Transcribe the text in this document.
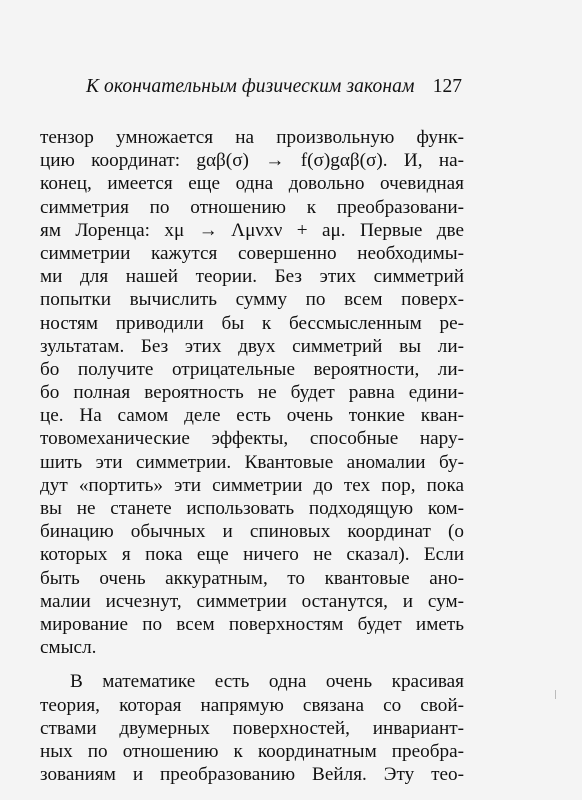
К окончательным физическим законам 127
тензор умножается на произвольную функ-
цию координат: gαβ(σ) → f(σ)gαβ(σ). И, на-
конец, имеется еще одна довольно очевидная
симметрия по отношению к преобразовани-
ям Лоренца: xμ → Λμνxν + aμ. Первые две
симметрии кажутся совершенно необходимы-
ми для нашей теории. Без этих симметрий
попытки вычислить сумму по всем поверх-
ностям приводили бы к бессмысленным ре-
зультатам. Без этих двух симметрий вы ли-
бо получите отрицательные вероятности, ли-
бо полная вероятность не будет равна едини-
це. На самом деле есть очень тонкие кван-
товомеханические эффекты, способные нару-
шить эти симметрии. Квантовые аномалии бу-
дут «портить» эти симметрии до тех пор, пока
вы не станете использовать подходящую ком-
бинацию обычных и спиновых координат (о
которых я пока еще ничего не сказал). Если
быть очень аккуратным, то квантовые ано-
малии исчезнут, симметрии останутся, и сум-
мирование по всем поверхностям будет иметь
смысл.
В математике есть одна очень красивая
теория, которая напрямую связана со свой-
ствами двумерных поверхностей, инвариант-
ных по отношению к координатным преобра-
зованиям и преобразованию Вейля. Эту тео-
